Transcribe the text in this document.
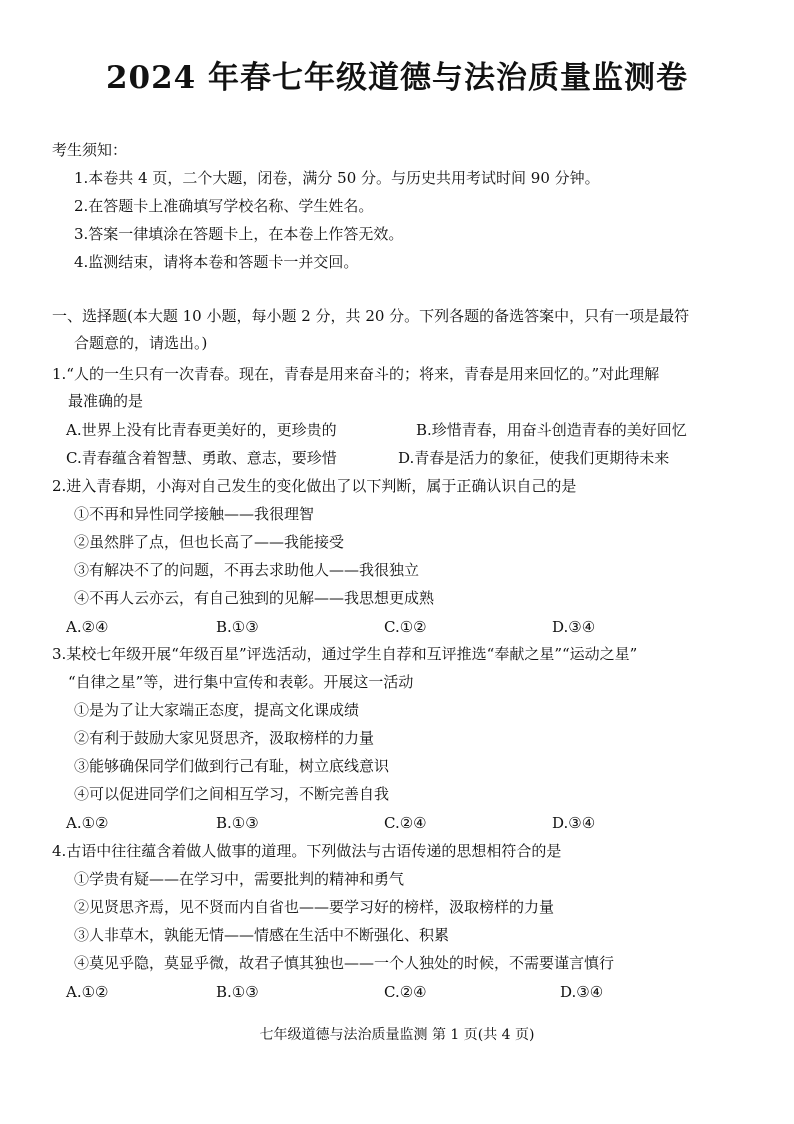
2024 年春七年级道德与法治质量监测卷
考生须知：
1.本卷共 4 页，二个大题，闭卷，满分 50 分。与历史共用考试时间 90 分钟。
2.在答题卡上准确填写学校名称、学生姓名。
3.答案一律填涂在答题卡上，在本卷上作答无效。
4.监测结束，请将本卷和答题卡一并交回。
一、选择题(本大题 10 小题，每小题 2 分，共 20 分。下列各题的备选答案中，只有一项是最符
合题意的，请选出。)
1.“人的一生只有一次青春。现在，青春是用来奋斗的；将来，青春是用来回忆的。”对此理解
最准确的是
A.世界上没有比青春更美好的，更珍贵的	B.珍惜青春，用奋斗创造青春的美好回忆
C.青春蕴含着智慧、勇敢、意志，要珍惜	D.青春是活力的象征，使我们更期待未来
2.进入青春期，小海对自己发生的变化做出了以下判断，属于正确认识自己的是
①不再和异性同学接触——我很理智
②虽然胖了点，但也长高了——我能接受
③有解决不了的问题，不再去求助他人——我很独立
④不再人云亦云，有自己独到的见解——我思想更成熟
A.②④	B.①③	C.①②	D.③④
3.某校七年级开展“年级百星”评选活动，通过学生自荐和互评推选“奉献之星”“运动之星”
“自律之星”等，进行集中宣传和表彰。开展这一活动
①是为了让大家端正态度，提高文化课成绩
②有利于鼓励大家见贤思齐，汲取榜样的力量
③能够确保同学们做到行己有耻，树立底线意识
④可以促进同学们之间相互学习，不断完善自我
A.①②	B.①③	C.②④	D.③④
4.古语中往往蕴含着做人做事的道理。下列做法与古语传递的思想相符合的是
①学贵有疑——在学习中，需要批判的精神和勇气
②见贤思齐焉，见不贤而内自省也——要学习好的榜样，汲取榜样的力量
③人非草木，孰能无情——情感在生活中不断强化、积累
④莫见乎隐，莫显乎微，故君子慎其独也——一个人独处的时候，不需要谨言慎行
A.①②	B.①③	C.②④	D.③④
七年级道德与法治质量监测 第 1 页(共 4 页)
